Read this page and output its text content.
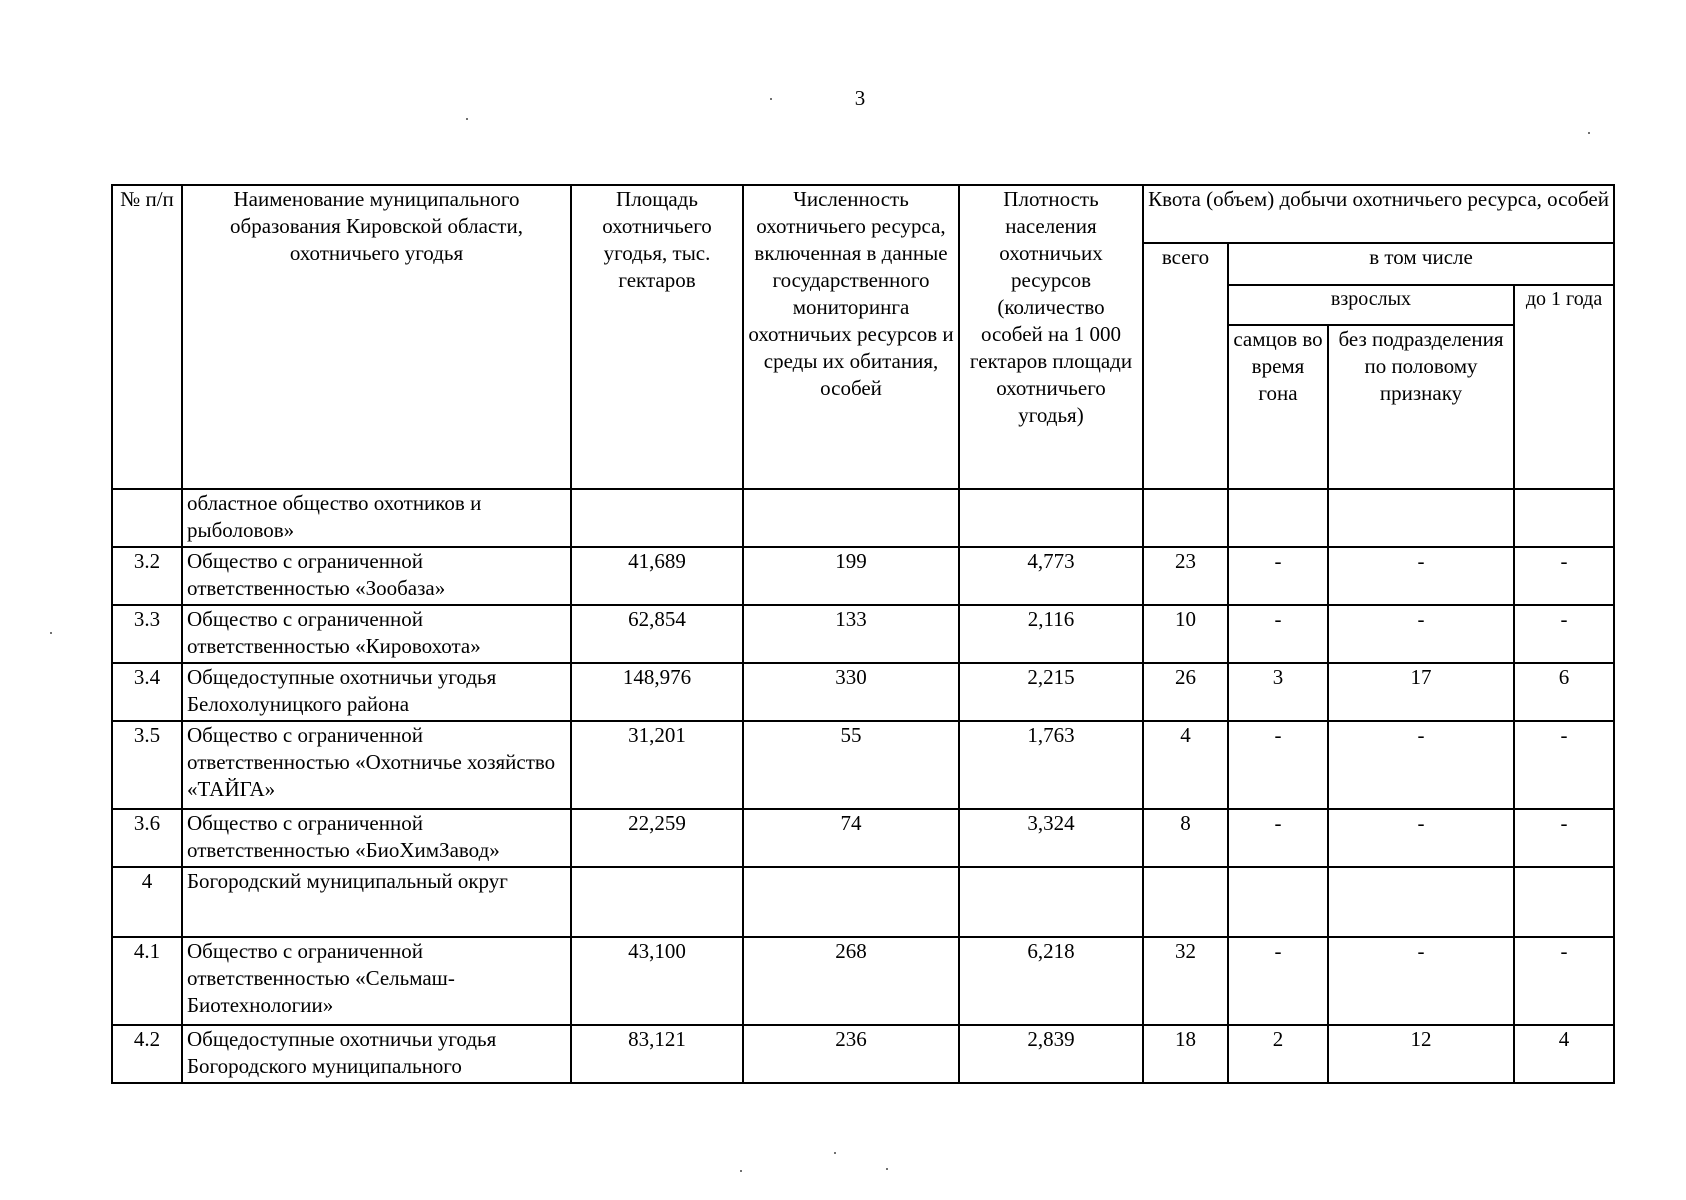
3
№ п/п	Наименование муниципального образования Кировской области, охотничьего угодья	Площадь охотничьего угодья, тыс. гектаров	Численность охотничьего ресурса, включенная в данные государственного мониторинга охотничьих ресурсов и среды их обитания, особей	Плотность населения охотничьих ресурсов (количество особей на 1 000 гектаров площади охотничьего угодья)	Квота (объем) добычи охотничьего ресурса, особей			
					всего	в том числе		
						взрослых		до 1 года
						самцов во время гона	без подразделения по половому признаку	
	областное общество охотников и рыболовов»							
3.2	Общество с ограниченной ответственностью «Зообаза»	41,689	199	4,773	23	-	-	-
3.3	Общество с ограниченной ответственностью «Кировохота»	62,854	133	2,116	10	-	-	-
3.4	Общедоступные охотничьи угодья Белохолуницкого района	148,976	330	2,215	26	3	17	6
3.5	Общество с ограниченной ответственностью «Охотничье хозяйство «ТАЙГА»	31,201	55	1,763	4	-	-	-
3.6	Общество с ограниченной ответственностью «БиоХимЗавод»	22,259	74	3,324	8	-	-	-
4	Богородский муниципальный округ							
4.1	Общество с ограниченной ответственностью «Сельмаш-Биотехнологии»	43,100	268	6,218	32	-	-	-
4.2	Общедоступные охотничьи угодья Богородского муниципального	83,121	236	2,839	18	2	12	4
